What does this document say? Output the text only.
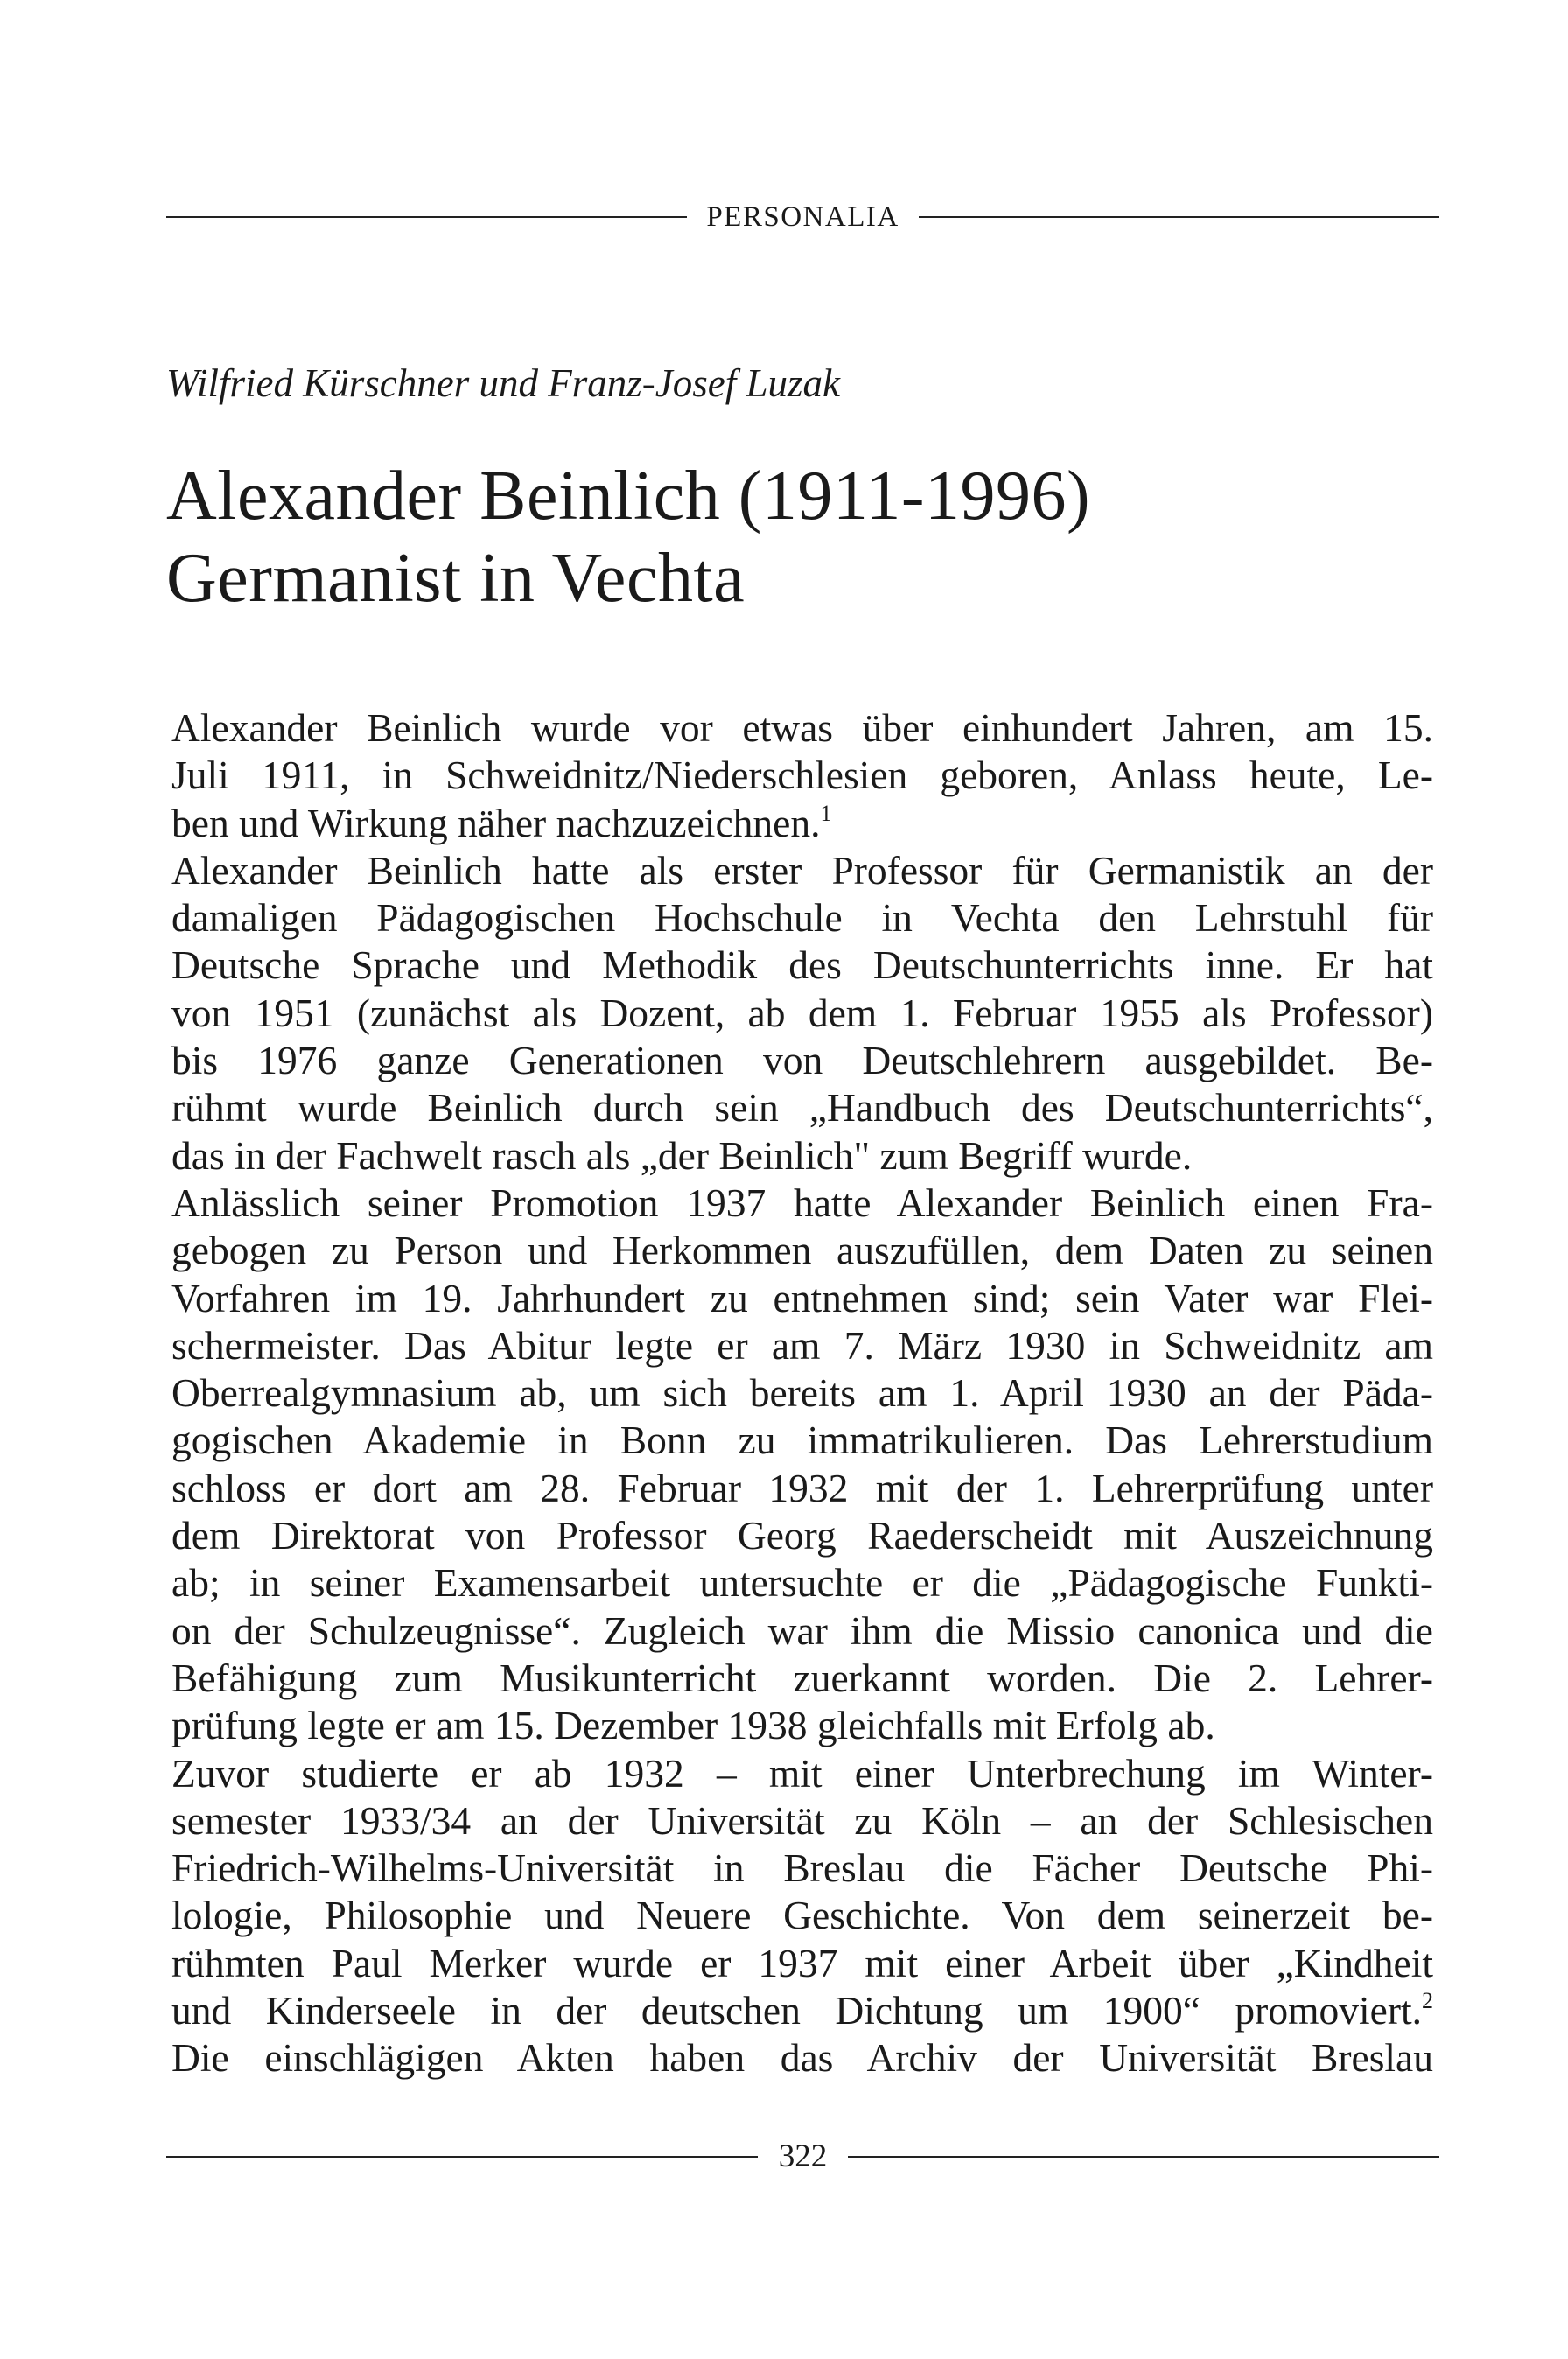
PERSONALIA
Wilfried Kürschner und Franz-Josef Luzak
Alexander Beinlich (1911-1996)
Germanist in Vechta
Alexander Beinlich wurde vor etwas über einhundert Jahren, am 15.
Juli 1911, in Schweidnitz/Niederschlesien geboren, Anlass heute, Le-
ben und Wirkung näher nachzuzeichnen.$^1$
Alexander Beinlich hatte als erster Professor für Germanistik an der
damaligen Pädagogischen Hochschule in Vechta den Lehrstuhl für
Deutsche Sprache und Methodik des Deutschunterrichts inne. Er hat
von 1951 (zunächst als Dozent, ab dem 1. Februar 1955 als Professor)
bis 1976 ganze Generationen von Deutschlehrern ausgebildet. Be-
rühmt wurde Beinlich durch sein „Handbuch des Deutschunterrichts“,
das in der Fachwelt rasch als „der Beinlich" zum Begriff wurde.
Anlässlich seiner Promotion 1937 hatte Alexander Beinlich einen Fra-
gebogen zu Person und Herkommen auszufüllen, dem Daten zu seinen
Vorfahren im 19. Jahrhundert zu entnehmen sind; sein Vater war Flei-
schermeister. Das Abitur legte er am 7. März 1930 in Schweidnitz am
Oberrealgymnasium ab, um sich bereits am 1. April 1930 an der Päda-
gogischen Akademie in Bonn zu immatrikulieren. Das Lehrerstudium
schloss er dort am 28. Februar 1932 mit der 1. Lehrerprüfung unter
dem Direktorat von Professor Georg Raederscheidt mit Auszeichnung
ab; in seiner Examensarbeit untersuchte er die „Pädagogische Funkti-
on der Schulzeugnisse“. Zugleich war ihm die Missio canonica und die
Befähigung zum Musikunterricht zuerkannt worden. Die 2. Lehrer-
prüfung legte er am 15. Dezember 1938 gleichfalls mit Erfolg ab.
Zuvor studierte er ab 1932 – mit einer Unterbrechung im Winter-
semester 1933/34 an der Universität zu Köln – an der Schlesischen
Friedrich-Wilhelms-Universität in Breslau die Fächer Deutsche Phi-
lologie, Philosophie und Neuere Geschichte. Von dem seinerzeit be-
rühmten Paul Merker wurde er 1937 mit einer Arbeit über „Kindheit
und Kinderseele in der deutschen Dichtung um 1900“ promoviert.$^2$
Die einschlägigen Akten haben das Archiv der Universität Breslau
322
